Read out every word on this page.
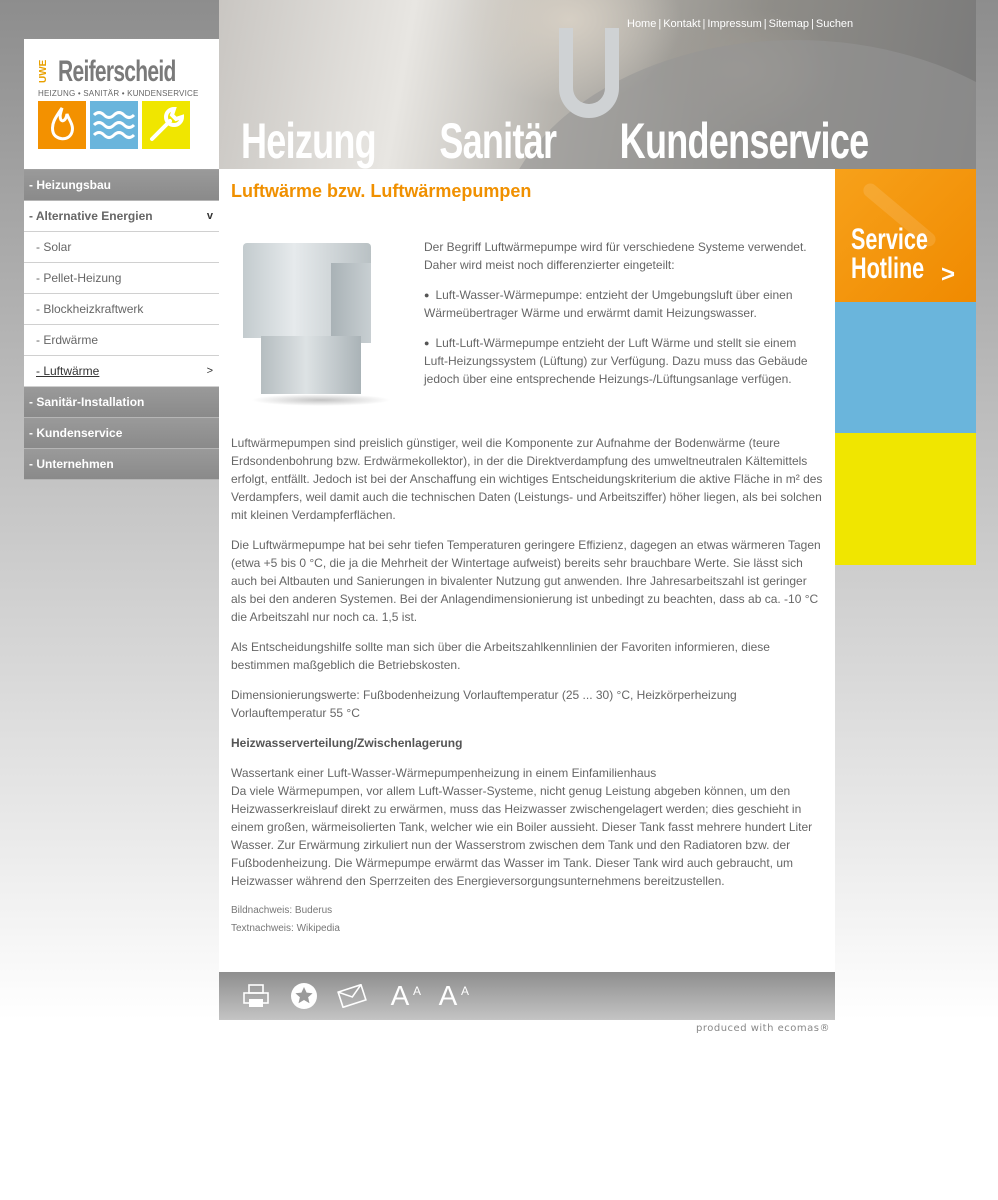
Heizung Sanitär Kundenservice
Home | Kontakt | Impressum | Sitemap | Suchen
UWE Reiferscheid
HEIZUNG • SANITÄR • KUNDENSERVICE
- Heizungsbau
- Alternative Energien	v
- Solar
- Pellet-Heizung
- Blockheizkraftwerk
- Erdwärme
- Luftwärme	>
- Sanitär-Installation
- Kundenservice
- Unternehmen
Luftwärme bzw. Luftwärmepumpen

Der Begriff Luftwärmepumpe wird für verschiedene Systeme verwendet. Daher wird meist noch differenzierter eingeteilt:

● Luft-Wasser-Wärmepumpe: entzieht der Umgebungsluft über einen Wärmeübertrager Wärme und erwärmt damit Heizungswasser.

● Luft-Luft-Wärmepumpe entzieht der Luft Wärme und stellt sie einem Luft-Heizungssystem (Lüftung) zur Verfügung. Dazu muss das Gebäude jedoch über eine entsprechende Heizungs-/Lüftungsanlage verfügen.

Luftwärmepumpen sind preislich günstiger, weil die Komponente zur Aufnahme der Bodenwärme (teure Erdsondenbohrung bzw. Erdwärmekollektor), in der die Direktverdampfung des umweltneutralen Kältemittels erfolgt, entfällt. Jedoch ist bei der Anschaffung ein wichtiges Entscheidungskriterium die aktive Fläche in m² des Verdampfers, weil damit auch die technischen Daten (Leistungs- und Arbeitsziffer) höher liegen, als bei solchen mit kleinen Verdampferflächen.

Die Luftwärmepumpe hat bei sehr tiefen Temperaturen geringere Effizienz, dagegen an etwas wärmeren Tagen (etwa +5 bis 0 °C, die ja die Mehrheit der Wintertage aufweist) bereits sehr brauchbare Werte. Sie lässt sich auch bei Altbauten und Sanierungen in bivalenter Nutzung gut anwenden. Ihre Jahresarbeitszahl ist geringer als bei den anderen Systemen. Bei der Anlagendimensionierung ist unbedingt zu beachten, dass ab ca. -10 °C die Arbeitszahl nur noch ca. 1,5 ist.

Als Entscheidungshilfe sollte man sich über die Arbeitszahlkennlinien der Favoriten informieren, diese bestimmen maßgeblich die Betriebskosten.

Dimensionierungswerte: Fußbodenheizung Vorlauftemperatur (25 ... 30) °C, Heizkörperheizung Vorlauftemperatur 55 °C

Heizwasserverteilung/Zwischenlagerung

Wassertank einer Luft-Wasser-Wärmepumpenheizung in einem Einfamilienhaus
Da viele Wärmepumpen, vor allem Luft-Wasser-Systeme, nicht genug Leistung abgeben können, um den Heizwasserkreislauf direkt zu erwärmen, muss das Heizwasser zwischengelagert werden; dies geschieht in einem großen, wärmeisolierten Tank, welcher wie ein Boiler aussieht. Dieser Tank fasst mehrere hundert Liter Wasser. Zur Erwärmung zirkuliert nun der Wasserstrom zwischen dem Tank und den Radiatoren bzw. der Fußbodenheizung. Die Wärmepumpe erwärmt das Wasser im Tank. Dieser Tank wird auch gebraucht, um Heizwasser während den Sperrzeiten des Energieversorgungsunternehmens bereitzustellen.

Bildnachweis: Buderus

Textnachweis: Wikipedia

A A A A
produced with ecomas®
Service
Hotline >
